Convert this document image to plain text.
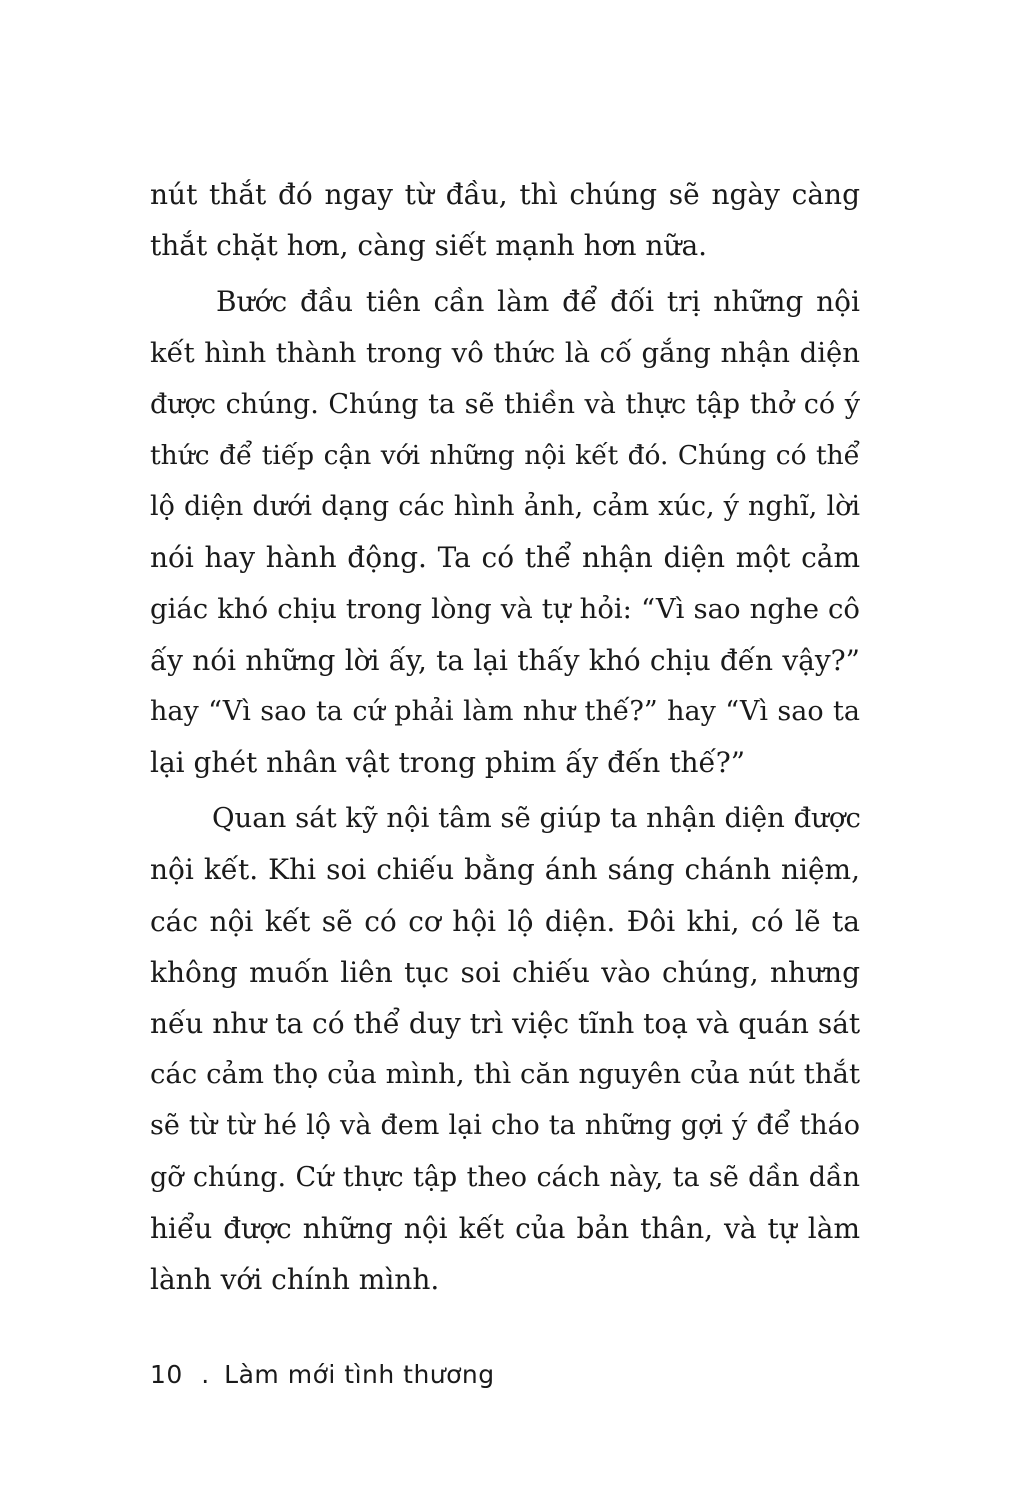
nút thắt đó ngay từ đầu, thì chúng sẽ ngày càng
thắt chặt hơn, càng siết mạnh hơn nữa.
Bước đầu tiên cần làm để đối trị những nội
kết hình thành trong vô thức là cố gắng nhận diện
được chúng. Chúng ta sẽ thiền và thực tập thở có ý
thức để tiếp cận với những nội kết đó. Chúng có thể
lộ diện dưới dạng các hình ảnh, cảm xúc, ý nghĩ, lời
nói hay hành động. Ta có thể nhận diện một cảm
giác khó chịu trong lòng và tự hỏi: “Vì sao nghe cô
ấy nói những lời ấy, ta lại thấy khó chịu đến vậy?”
hay “Vì sao ta cứ phải làm như thế?” hay “Vì sao ta
lại ghét nhân vật trong phim ấy đến thế?”
Quan sát kỹ nội tâm sẽ giúp ta nhận diện được
nội kết. Khi soi chiếu bằng ánh sáng chánh niệm,
các nội kết sẽ có cơ hội lộ diện. Đôi khi, có lẽ ta
không muốn liên tục soi chiếu vào chúng, nhưng
nếu như ta có thể duy trì việc tĩnh toạ và quán sát
các cảm thọ của mình, thì căn nguyên của nút thắt
sẽ từ từ hé lộ và đem lại cho ta những gợi ý để tháo
gỡ chúng. Cứ thực tập theo cách này, ta sẽ dần dần
hiểu được những nội kết của bản thân, và tự làm
lành với chính mình.
10 . Làm mới tình thương
